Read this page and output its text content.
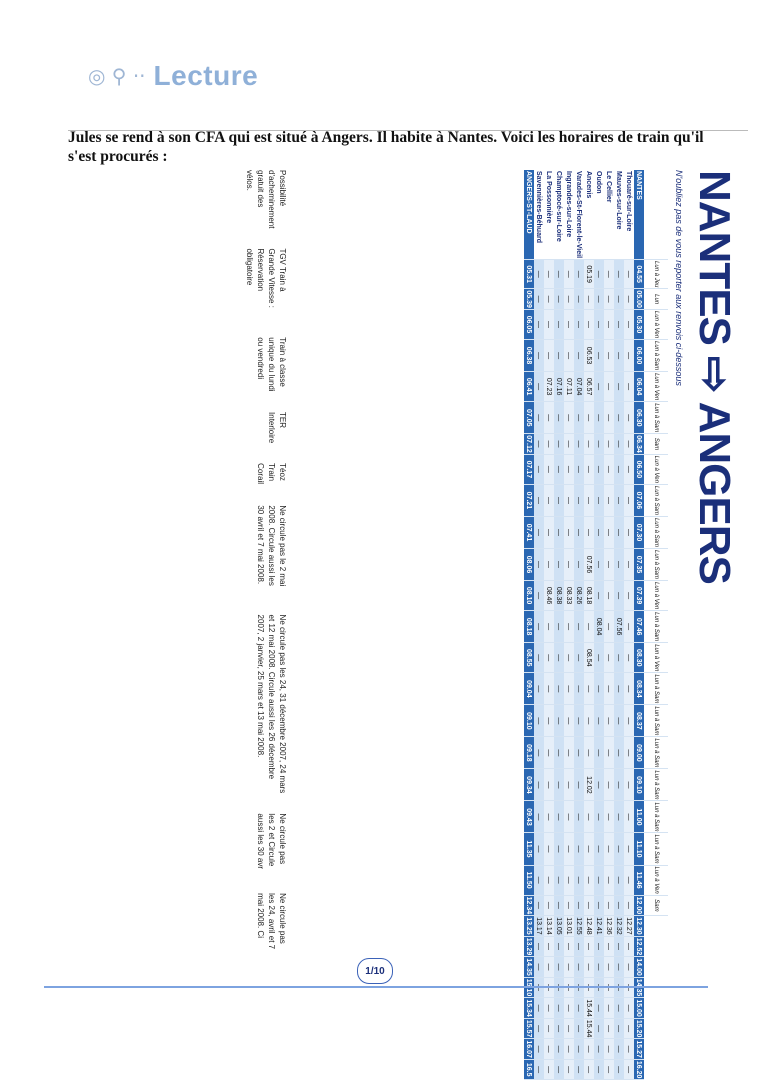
◎ ⚲ ·· Lecture
Jules se rend à son CFA qui est situé à Angers. Il habite à Nantes. Voici les horaires de train qu'il s'est procurés :
NANTES ⇨ ANGERS
N'oubliez pas de vous reporter aux renvois ci-dessous
	Lun à Jeu	Lun	Lun à Ven	Lun à Sam	Lun à Ven	Lun à Sam	Sam	Lun à Ven	Lun à Sam	Lun à Sam	Lun à Sam	Lun à Ven	Lun à Sam	Lun à Ven	Lun à Sam	Lun à Sam	Lun à Sam	Lun à Sam	Lun à Sam	Lun à Sam	Lun à Ven	Sam								
NANTES	04.55	05.00	05.30	06.00	06.04	06.30	06.34	06.50	07.06	07.30	07.35	07.39	07.46	08.30	08.34	08.37	09.00	09.10	11.00	11.10	11.46	12.00	12.30	12.52	14.00	14.35	15.00	15.20	15.27	16.20
Thouaré-sur-Loire	—	—	—	—	—	—	—	—	—	—	—	—	—	—	—	—	—	—	—	—	—	—	12.27	—	—	—	—	—	—	—
Mauves-sur-Loire	—	—	—	—	—	—	—	—	—	—	—	—	07.56	—	—	—	—	—	—	—	—	—	12.32	—	—	—	—	—	—	—
Le Cellier	—	—	—	—	—	—	—	—	—	—	—	—	—	—	—	—	—	—	—	—	—	—	12.36	—	—	—	—	—	—	—
Oudon	—	—	—	—	—	—	—	—	—	—	—	—	08.04	—	—	—	—	—	—	—	—	—	12.41	—	—	—	—	—	—	—
Ancenis	05.19	—	—	06.53	06.57	—	—	—	—	—	07.56	08.18	—	08.54	—	—	—	12.02	—	—	—	—	12.48	—	—	—	15.44	15.44	—	—
Varades-St-Florent-le-Vieil	—	—	—	—	07.04	—	—	—	—	—	—	08.26	—	—	—	—	—	—	—	—	—	—	12.55	—	—	—	—	—	—	—
Ingrandes-sur-Loire	—	—	—	—	07.11	—	—	—	—	—	—	08.33	—	—	—	—	—	—	—	—	—	—	13.01	—	—	—	—	—	—	—
Champtocé-sur-Loire	—	—	—	—	07.16	—	—	—	—	—	—	08.38	—	—	—	—	—	—	—	—	—	—	13.05	—	—	—	—	—	—	—
La Possonnière	—	—	—	—	07.23	—	—	—	—	—	—	08.46	—	—	—	—	—	—	—	—	—	—	13.14	—	—	—	—	—	—	—
Savennières-Béhuard	—	—	—	—	—	—	—	—	—	—	—	—	—	—	—	—	—	—	—	—	—	—	13.17	—	—	—	—	—	—	—
ANGERS-ST-LAUD	05.31	05.39	06.05	06.38	06.41	07.05	07.12	07.17	07.21	07.41	08.06	08.10	08.18	08.55	09.04	09.10	09.18	09.34	09.43	11.35	11.50	12.34	13.25	13.29	14.35	15.10	15.34	15.57	16.07	16.5
Possibilité d'acheminement gratuit des vélos.
TGV Train à Grande Vitesse : Réservation obligatoire
Train à classe unique du lundi ou vendredi
TER Interloire
Téoz Train Corail
Ne circule pas le 2 mai 2008. Circule aussi les 30 avril et 7 mai 2008.
Ne circule pas les 24, 31 décembre 2007, 24 mars et 12 mai 2008. Circule aussi les 26 décembre 2007, 2 janvier, 25 mars et 13 mai 2008.
Ne circule pas les 2 et Circule aussi les 30 avr
Ne circule pas les 24, avril et 7 mai 2008. Ci
1/10
